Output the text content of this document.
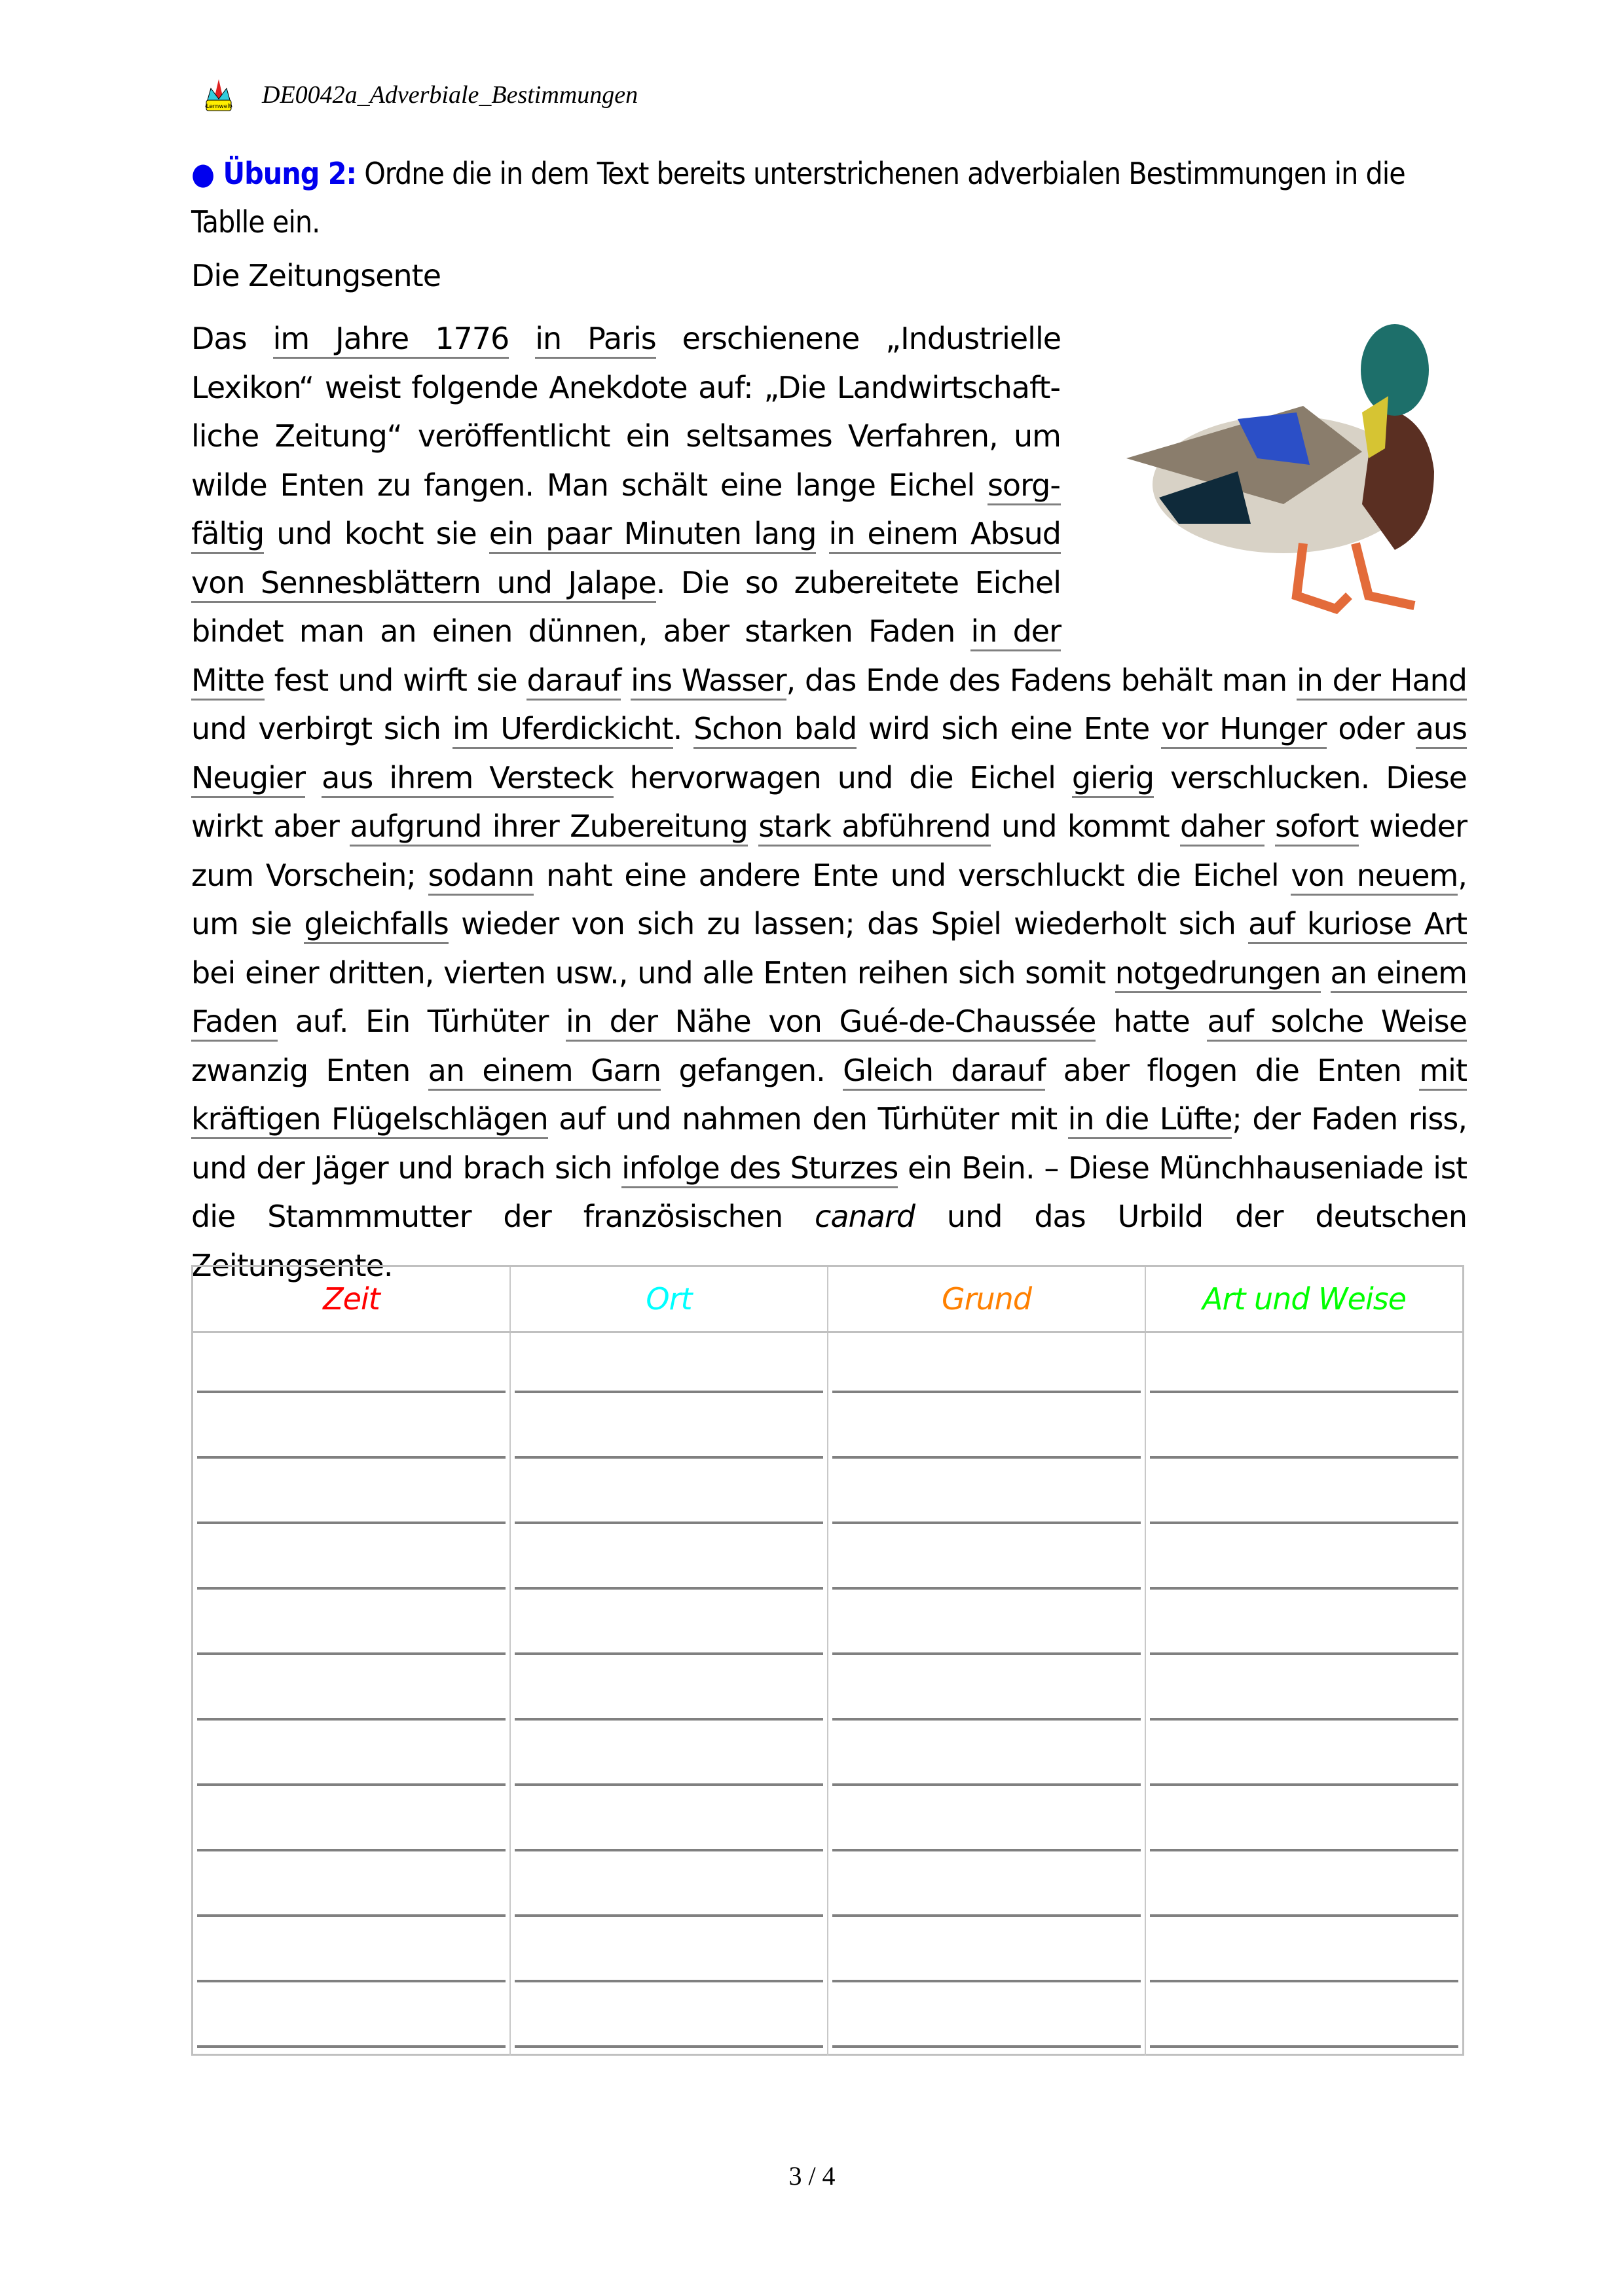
Lernwelt DE0042a_Adverbiale_Bestimmungen
● Übung 2: Ordne die in dem Text bereits unterstrichenen adverbialen Bestimmungen in die Tablle ein.
Die Zeitungsente
Das im Jahre 1776 in Paris erschienene „Industrielle Lexikon“ weist folgende Anekdote auf: „Die Landwirtschaftliche Zeitung“ veröffentlicht ein seltsames Verfahren, um wilde Enten zu fangen. Man schält eine lange Eichel sorgfältig und kocht sie ein paar Minuten lang in einem Absud von Sennesblättern und Jalape. Die so zubereitete Eichel bindet man an einen dünnen, aber starken Faden in der Mitte fest und wirft sie darauf ins Wasser, das Ende des Fadens behält man in der Hand und verbirgt sich im Uferdickicht. Schon bald wird sich eine Ente vor Hunger oder aus Neugier aus ihrem Versteck hervorwagen und die Eichel gierig verschlucken. Diese wirkt aber aufgrund ihrer Zubereitung stark abführend und kommt daher sofort wieder zum Vorschein; sodann naht eine andere Ente und verschluckt die Eichel von neuem, um sie gleichfalls wieder von sich zu lassen; das Spiel wiederholt sich auf kuriose Art bei einer dritten, vierten usw., und alle Enten reihen sich somit notgedrungen an einem Faden auf. Ein Türhüter in der Nähe von Gué-de-Chaussée hatte auf solche Weise zwanzig Enten an einem Garn gefangen. Gleich darauf aber flogen die Enten mit kräftigen Flügelschlägen auf und nahmen den Türhüter mit in die Lüfte; der Faden riss, und der Jäger und brach sich infolge des Sturzes ein Bein. – Diese Münchhauseniade ist die Stammmutter der französischen canard und das Urbild der deutschen Zeitungsente.
Zeit	Ort	Grund	Art und Weise
3 / 4
